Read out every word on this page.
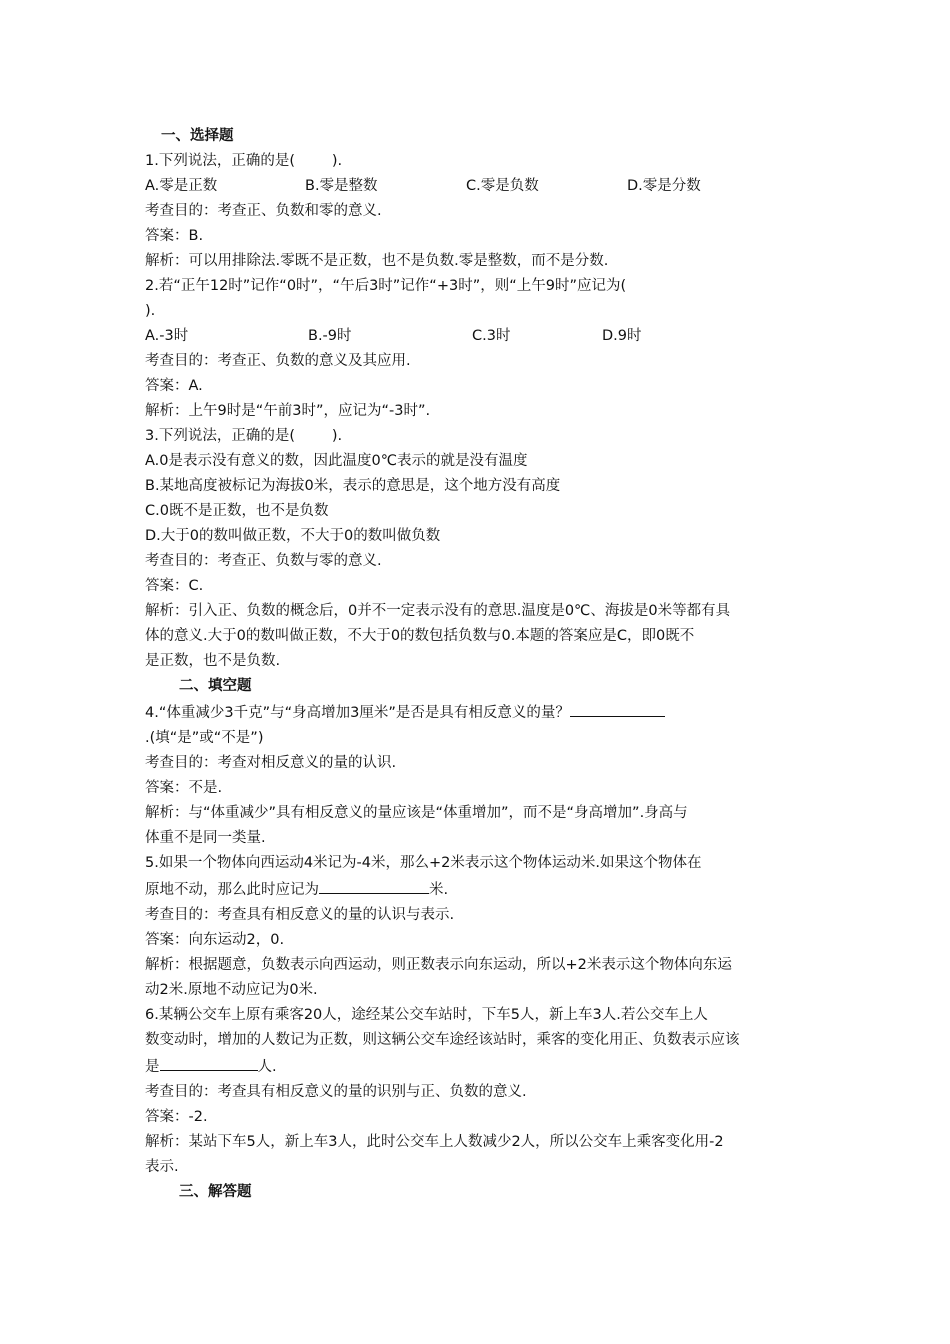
一、选择题
1.下列说法，正确的是(        ).
A.零是正数	B.零是整数	C.零是负数	D.零是分数
考查目的：考查正、负数和零的意义.
答案：B.
解析：可以用排除法.零既不是正数，也不是负数.零是整数，而不是分数.
2.若“正午12时”记作“0时”，“午后3时”记作“+3时”，则“上午9时”应记为(
).
A.-3时	B.-9时	C.3时	D.9时
考查目的：考查正、负数的意义及其应用.
答案：A.
解析：上午9时是“午前3时”，应记为“-3时”.
3.下列说法，正确的是(        ).
A.0是表示没有意义的数，因此温度0℃表示的就是没有温度
B.某地高度被标记为海拔0米，表示的意思是，这个地方没有高度
C.0既不是正数，也不是负数
D.大于0的数叫做正数，不大于0的数叫做负数
考查目的：考查正、负数与零的意义.
答案：C.
解析：引入正、负数的概念后，0并不一定表示没有的意思.温度是0℃、海拔是0米等都有具
体的意义.大于0的数叫做正数，不大于0的数包括负数与0.本题的答案应是C，即0既不
是正数，也不是负数.
二、填空题
4.“体重减少3千克”与“身高增加3厘米”是否是具有相反意义的量？
.(填“是”或“不是”)
考查目的：考查对相反意义的量的认识.
答案：不是.
解析：与“体重减少”具有相反意义的量应该是“体重增加”，而不是“身高增加”.身高与
体重不是同一类量.
5.如果一个物体向西运动4米记为-4米，那么+2米表示这个物体运动米.如果这个物体在
原地不动，那么此时应记为	米.
考查目的：考查具有相反意义的量的认识与表示.
答案：向东运动2，0.
解析：根据题意，负数表示向西运动，则正数表示向东运动，所以+2米表示这个物体向东运
动2米.原地不动应记为0米.
6.某辆公交车上原有乘客20人，途经某公交车站时，下车5人，新上车3人.若公交车上人
数变动时，增加的人数记为正数，则这辆公交车途经该站时，乘客的变化用正、负数表示应该
是	人.
考查目的：考查具有相反意义的量的识别与正、负数的意义.
答案：-2.
解析：某站下车5人，新上车3人，此时公交车上人数减少2人，所以公交车上乘客变化用-2
表示.
三、解答题
